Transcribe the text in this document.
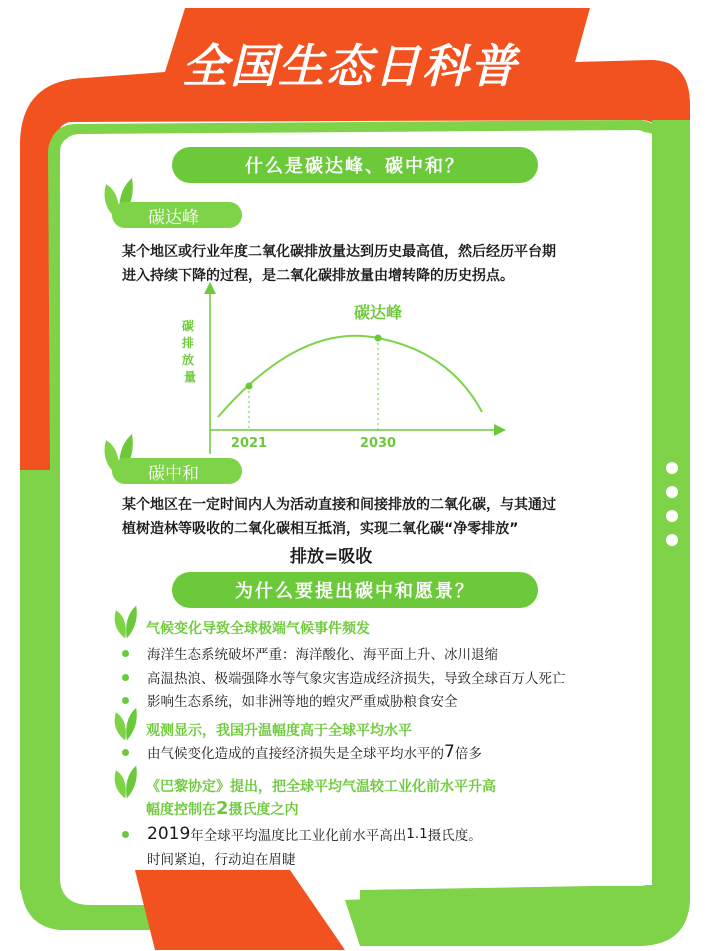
全国生态日科普
什么是碳达峰、碳中和？
碳达峰
某个地区或行业年度二氧化碳排放量达到历史最高值，然后经历平台期
进入持续下降的过程，是二氧化碳排放量由增转降的历史拐点。
碳 排 放 量
2021	2030
碳达峰
碳中和
某个地区在一定时间内人为活动直接和间接排放的二氧化碳，与其通过
植树造林等吸收的二氧化碳相互抵消，实现二氧化碳“净零排放”
排放=吸收
为什么要提出碳中和愿景？
气候变化导致全球极端气候事件频发
海洋生态系统破坏严重：海洋酸化、海平面上升、冰川退缩
高温热浪、极端强降水等气象灾害造成经济损失，导致全球百万人死亡
影响生态系统，如非洲等地的蝗灾严重威胁粮食安全
观测显示，我国升温幅度高于全球平均水平
由气候变化造成的直接经济损失是全球平均水平的 7 倍多
《巴黎协定》提出，把全球平均气温较工业化前水平升高
幅度控制在2摄氏度之内
2019 年全球平均温度比工业化前水平高出 1.1 摄氏度。
时间紧迫，行动迫在眉睫
